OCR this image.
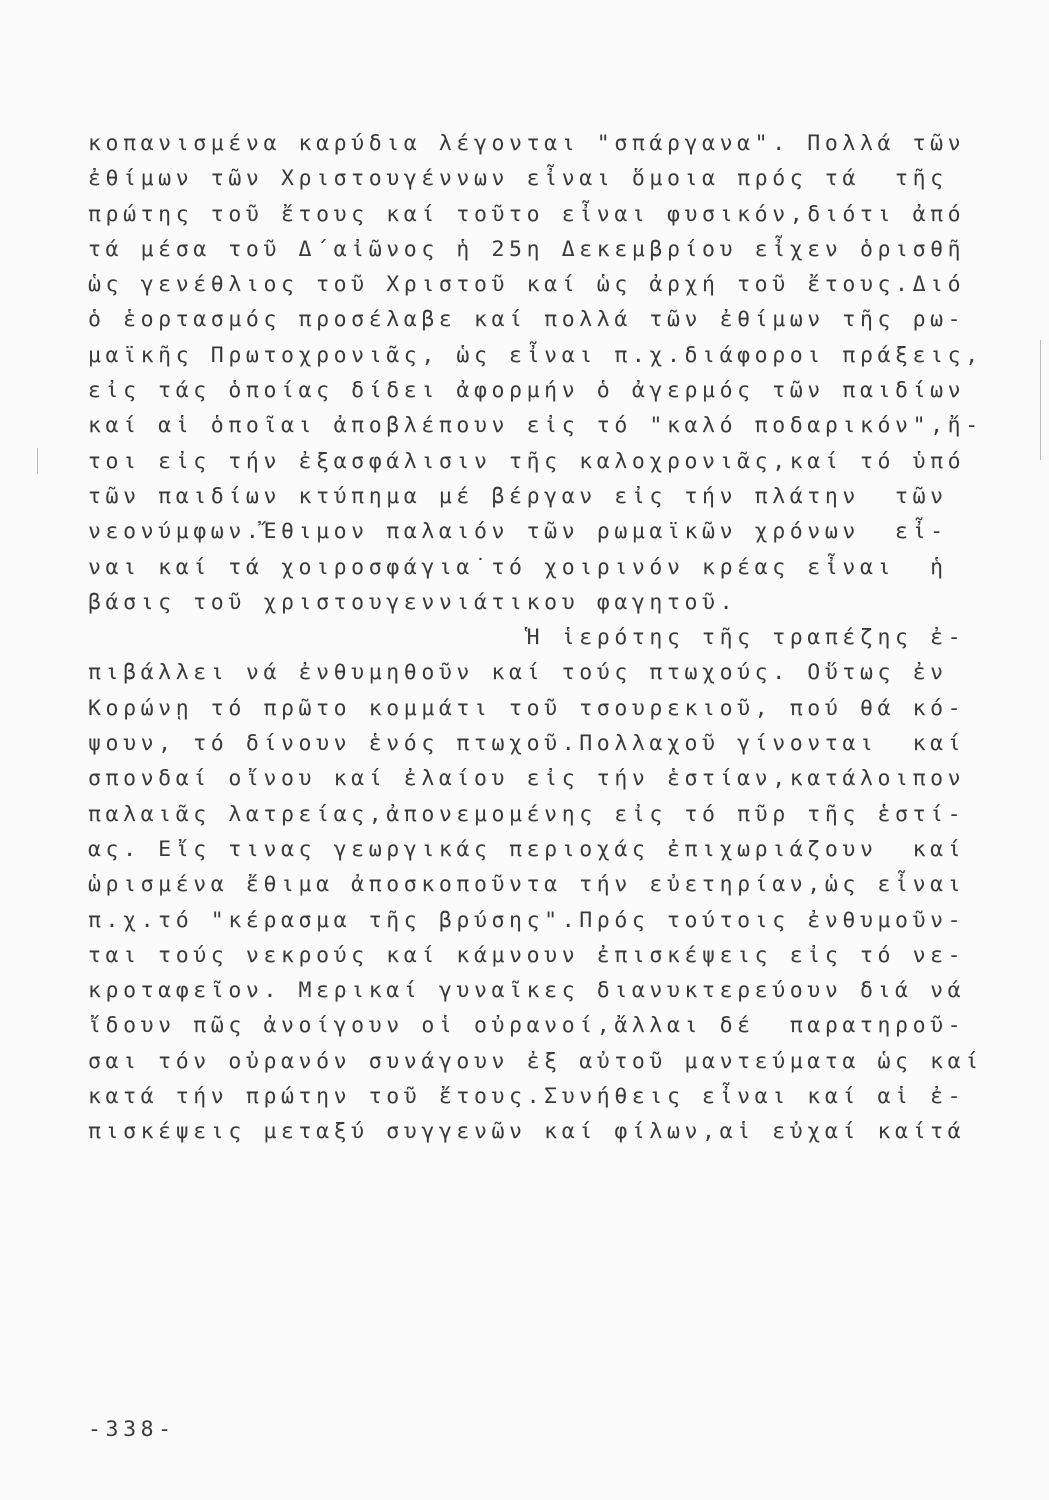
κοπανισμένα καρύδια λέγονται "σπάργανα". Πολλά τῶν
ἐθίμων τῶν Χριστουγέννων εἶναι ὅμοια πρός τά  τῆς
πρώτης τοῦ ἔτους καί τοῦτο εἶναι φυσικόν,διότι ἀπό
τά μέσα τοῦ Δ΄αἰῶνος ἡ 25η Δεκεμβρίου εἶχεν ὁρισθῆ
ὡς γενέθλιος τοῦ Χριστοῦ καί ὡς ἀρχή τοῦ ἔτους.Διό
ὁ ἑορτασμός προσέλαβε καί πολλά τῶν ἐθίμων τῆς ρω-
μαϊκῆς Πρωτοχρονιᾶς, ὡς εἶναι π.χ.διάφοροι πράξεις,
εἰς τάς ὁποίας δίδει ἀφορμήν ὁ ἀγερμός τῶν παιδίων
καί αἱ ὁποῖαι ἀποβλέπουν εἰς τό "καλό ποδαρικόν",ἤ-
τοι εἰς τήν ἐξασφάλισιν τῆς καλοχρονιᾶς,καί τό ὑπό
τῶν παιδίων κτύπημα μέ βέργαν εἰς τήν πλάτην  τῶν
νεονύμφων.Ἔθιμον παλαιόν τῶν ρωμαϊκῶν χρόνων  εἶ-
ναι καί τά χοιροσφάγια˙τό χοιρινόν κρέας εἶναι  ἡ
βάσις τοῦ χριστουγεννιάτικου φαγητοῦ.
Ἡ ἱερότης τῆς τραπέζης ἐ-
πιβάλλει νά ἐνθυμηθοῦν καί τούς πτωχούς. Οὕτως ἐν
Κορώνῃ τό πρῶτο κομμάτι τοῦ τσουρεκιοῦ, πού θά κό-
ψουν, τό δίνουν ἑνός πτωχοῦ.Πολλαχοῦ γίνονται  καί
σπονδαί οἴνου καί ἐλαίου εἰς τήν ἑστίαν,κατάλοιπον
παλαιᾶς λατρείας,ἀπονεμομένης εἰς τό πῦρ τῆς ἑστί-
ας. Εἴς τινας γεωργικάς περιοχάς ἐπιχωριάζουν  καί
ὡρισμένα ἔθιμα ἀποσκοποῦντα τήν εὐετηρίαν,ὡς εἶναι
π.χ.τό "κέρασμα τῆς βρύσης".Πρός τούτοις ἐνθυμοῦν-
ται τούς νεκρούς καί κάμνουν ἐπισκέψεις εἰς τό νε-
κροταφεῖον. Μερικαί γυναῖκες διανυκτερεύουν διά νά
ἴδουν πῶς ἀνοίγουν οἱ οὐρανοί,ἄλλαι δέ  παρατηροῦ-
σαι τόν οὐρανόν συνάγουν ἐξ αὐτοῦ μαντεύματα ὡς καί
κατά τήν πρώτην τοῦ ἔτους.Συνήθεις εἶναι καί αἱ ἐ-
πισκέψεις μεταξύ συγγενῶν καί φίλων,αἱ εὐχαί καίτά
-338-
